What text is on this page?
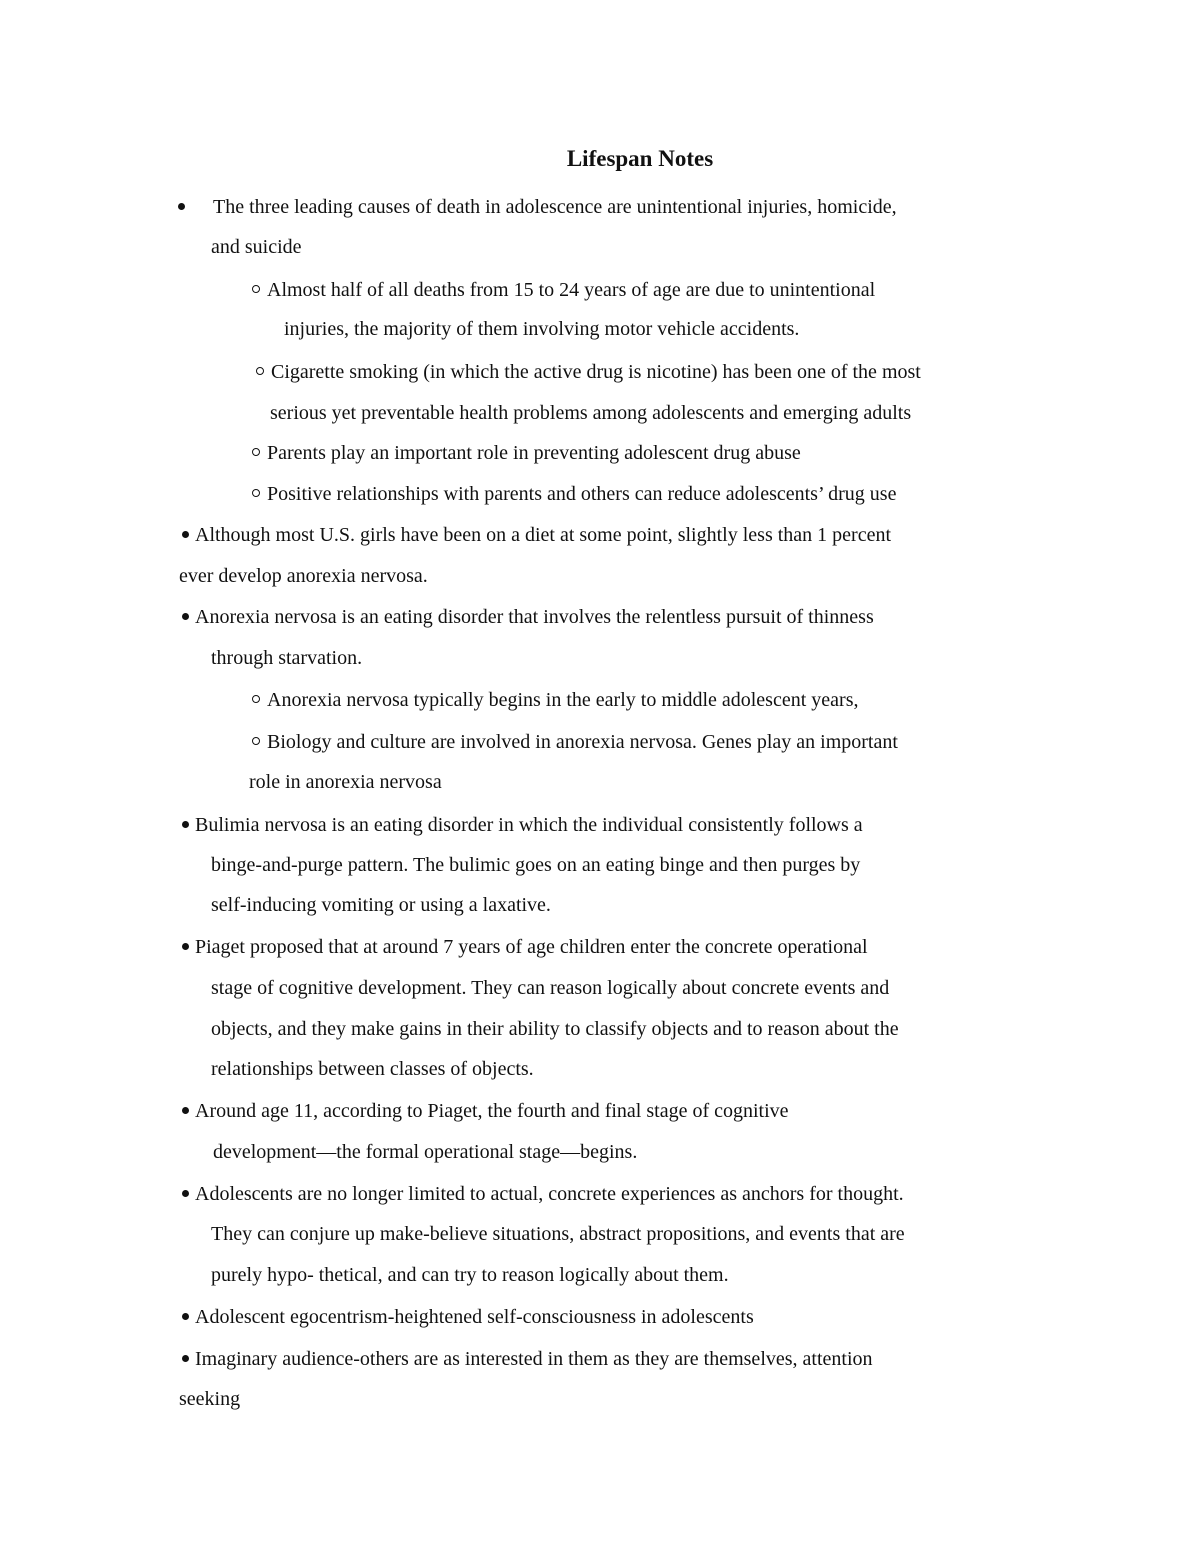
Lifespan Notes
The three leading causes of death in adolescence are unintentional injuries, homicide,
and suicide
Almost half of all deaths from 15 to 24 years of age are due to unintentional
injuries, the majority of them involving motor vehicle accidents.
Cigarette smoking (in which the active drug is nicotine) has been one of the most
serious yet preventable health problems among adolescents and emerging adults
Parents play an important role in preventing adolescent drug abuse
Positive relationships with parents and others can reduce adolescents’ drug use
Although most U.S. girls have been on a diet at some point, slightly less than 1 percent
ever develop anorexia nervosa.
Anorexia nervosa is an eating disorder that involves the relentless pursuit of thinness
through starvation.
Anorexia nervosa typically begins in the early to middle adolescent years,
Biology and culture are involved in anorexia nervosa. Genes play an important
role in anorexia nervosa
Bulimia nervosa is an eating disorder in which the individual consistently follows a
binge-and-purge pattern. The bulimic goes on an eating binge and then purges by
self-inducing vomiting or using a laxative.
Piaget proposed that at around 7 years of age children enter the concrete operational
stage of cognitive development. They can reason logically about concrete events and
objects, and they make gains in their ability to classify objects and to reason about the
relationships between classes of objects.
Around age 11, according to Piaget, the fourth and final stage of cognitive
development—the formal operational stage—begins.
Adolescents are no longer limited to actual, concrete experiences as anchors for thought.
They can conjure up make-believe situations, abstract propositions, and events that are
purely hypo- thetical, and can try to reason logically about them.
Adolescent egocentrism-heightened self-consciousness in adolescents
Imaginary audience-others are as interested in them as they are themselves, attention
seeking
